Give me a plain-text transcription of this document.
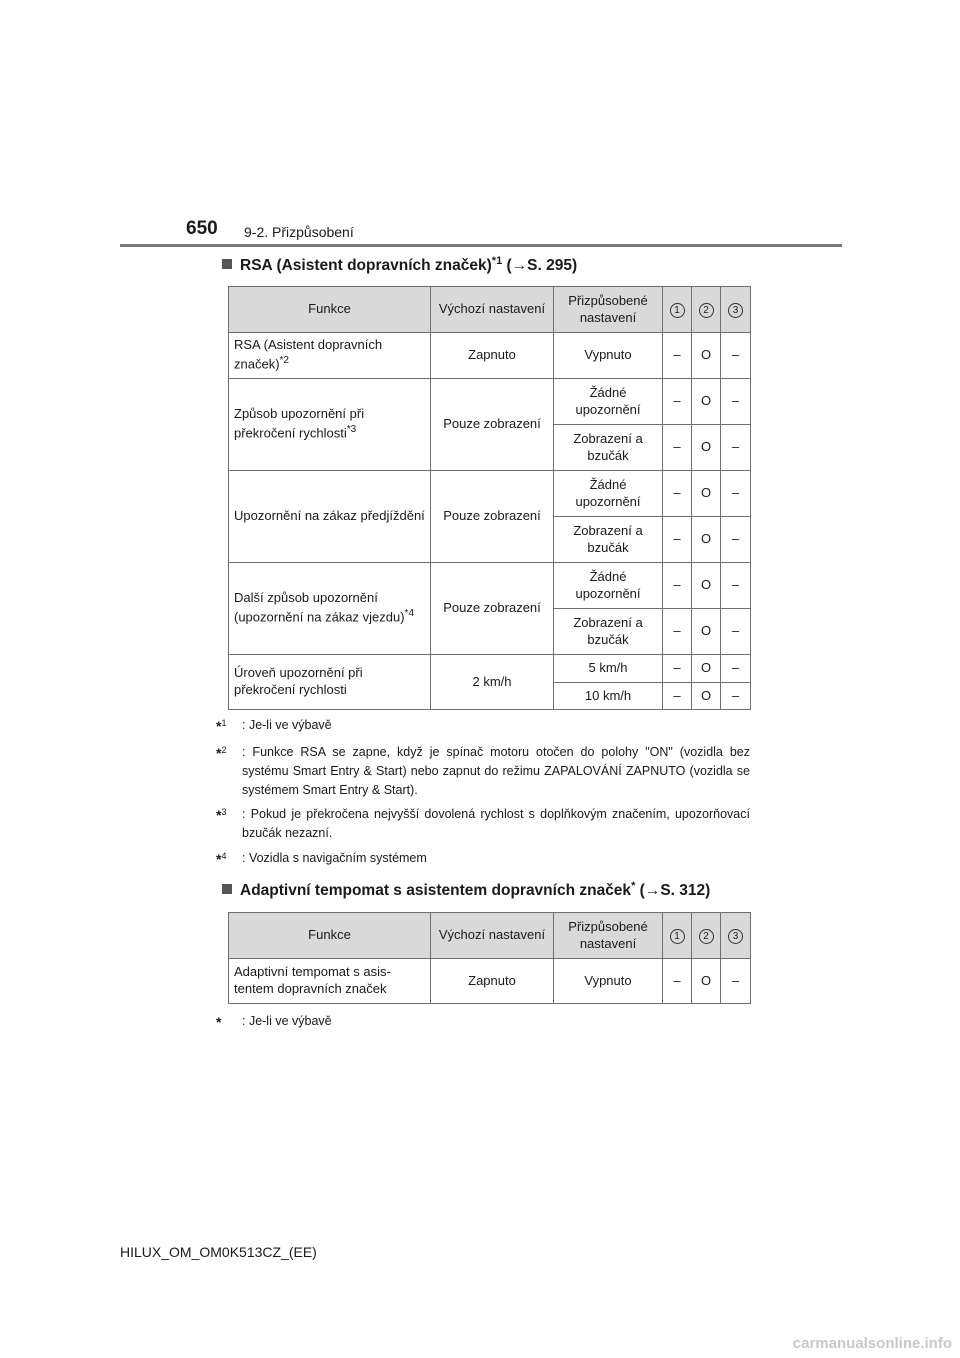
650 9-2. Přizpůsobení
RSA (Asistent dopravních značek)$^{*1}$ (→S. 295)
Funkce	Výchozí nastavení	Přizpůsobené nastavení	1	2	3
RSA (Asistent dopravních značek)$^{*2}$	Zapnuto	Vypnuto	–	O	–
Způsob upozornění při překročení rychlosti$^{*3}$	Pouze zobrazení	Žádné upozornění	–	O	–
		Zobrazení a bzučák	–	O	–
Upozornění na zákaz předjíždění	Pouze zobrazení	Žádné upozornění	–	O	–
		Zobrazení a bzučák	–	O	–
Další způsob upozornění (upozornění na zákaz vjezdu)$^{*4}$	Pouze zobrazení	Žádné upozornění	–	O	–
		Zobrazení a bzučák	–	O	–
Úroveň upozornění při překročení rychlosti	2 km/h	5 km/h	–	O	–
		10 km/h	–	O	–
*$^1$	: Je-li ve výbavě
*$^2$	: Funkce RSA se zapne, když je spínač motoru otočen do polohy "ON" (vozidla bez systému Smart Entry & Start) nebo zapnut do režimu ZAPALOVÁNÍ ZAPNUTO (vozidla se systémem Smart Entry & Start).
*$^3$	: Pokud je překročena nejvyšší dovolená rychlost s doplňkovým značením, upozorňovací bzučák nezazní.
*$^4$	: Vozidla s navigačním systémem
Adaptivní tempomat s asistentem dopravních značek* (→S. 312)
Funkce	Výchozí nastavení	Přizpůsobené nastavení	1	2	3
Adaptivní tempomat s asis-tentem dopravních značek	Zapnuto	Vypnuto	–	O	–
*	: Je-li ve výbavě
HILUX_OM_OM0K513CZ_(EE)
carmanualsonline.info
